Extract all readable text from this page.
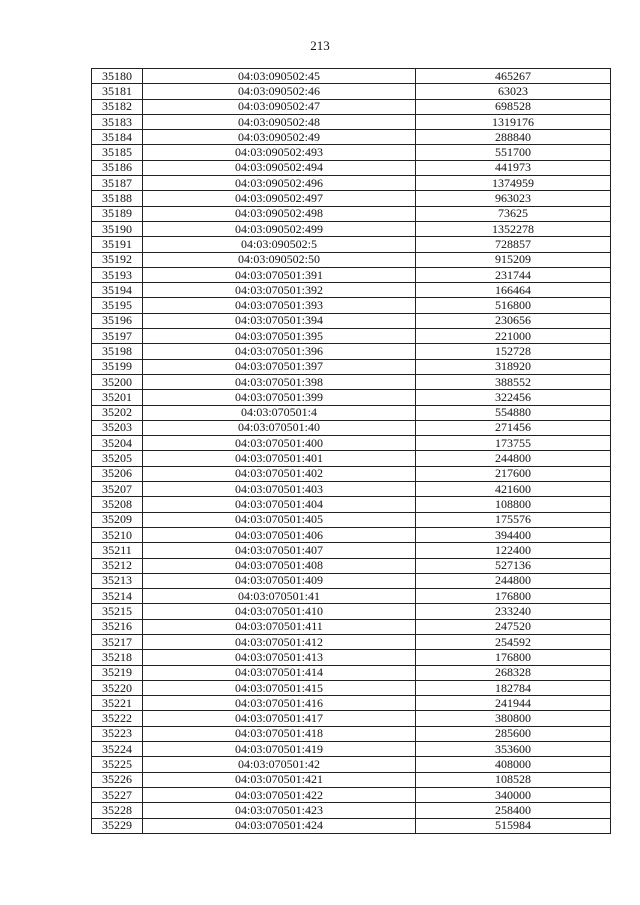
213
35180	04:03:090502:45	465267
35181	04:03:090502:46	63023
35182	04:03:090502:47	698528
35183	04:03:090502:48	1319176
35184	04:03:090502:49	288840
35185	04:03:090502:493	551700
35186	04:03:090502:494	441973
35187	04:03:090502:496	1374959
35188	04:03:090502:497	963023
35189	04:03:090502:498	73625
35190	04:03:090502:499	1352278
35191	04:03:090502:5	728857
35192	04:03:090502:50	915209
35193	04:03:070501:391	231744
35194	04:03:070501:392	166464
35195	04:03:070501:393	516800
35196	04:03:070501:394	230656
35197	04:03:070501:395	221000
35198	04:03:070501:396	152728
35199	04:03:070501:397	318920
35200	04:03:070501:398	388552
35201	04:03:070501:399	322456
35202	04:03:070501:4	554880
35203	04:03:070501:40	271456
35204	04:03:070501:400	173755
35205	04:03:070501:401	244800
35206	04:03:070501:402	217600
35207	04:03:070501:403	421600
35208	04:03:070501:404	108800
35209	04:03:070501:405	175576
35210	04:03:070501:406	394400
35211	04:03:070501:407	122400
35212	04:03:070501:408	527136
35213	04:03:070501:409	244800
35214	04:03:070501:41	176800
35215	04:03:070501:410	233240
35216	04:03:070501:411	247520
35217	04:03:070501:412	254592
35218	04:03:070501:413	176800
35219	04:03:070501:414	268328
35220	04:03:070501:415	182784
35221	04:03:070501:416	241944
35222	04:03:070501:417	380800
35223	04:03:070501:418	285600
35224	04:03:070501:419	353600
35225	04:03:070501:42	408000
35226	04:03:070501:421	108528
35227	04:03:070501:422	340000
35228	04:03:070501:423	258400
35229	04:03:070501:424	515984
